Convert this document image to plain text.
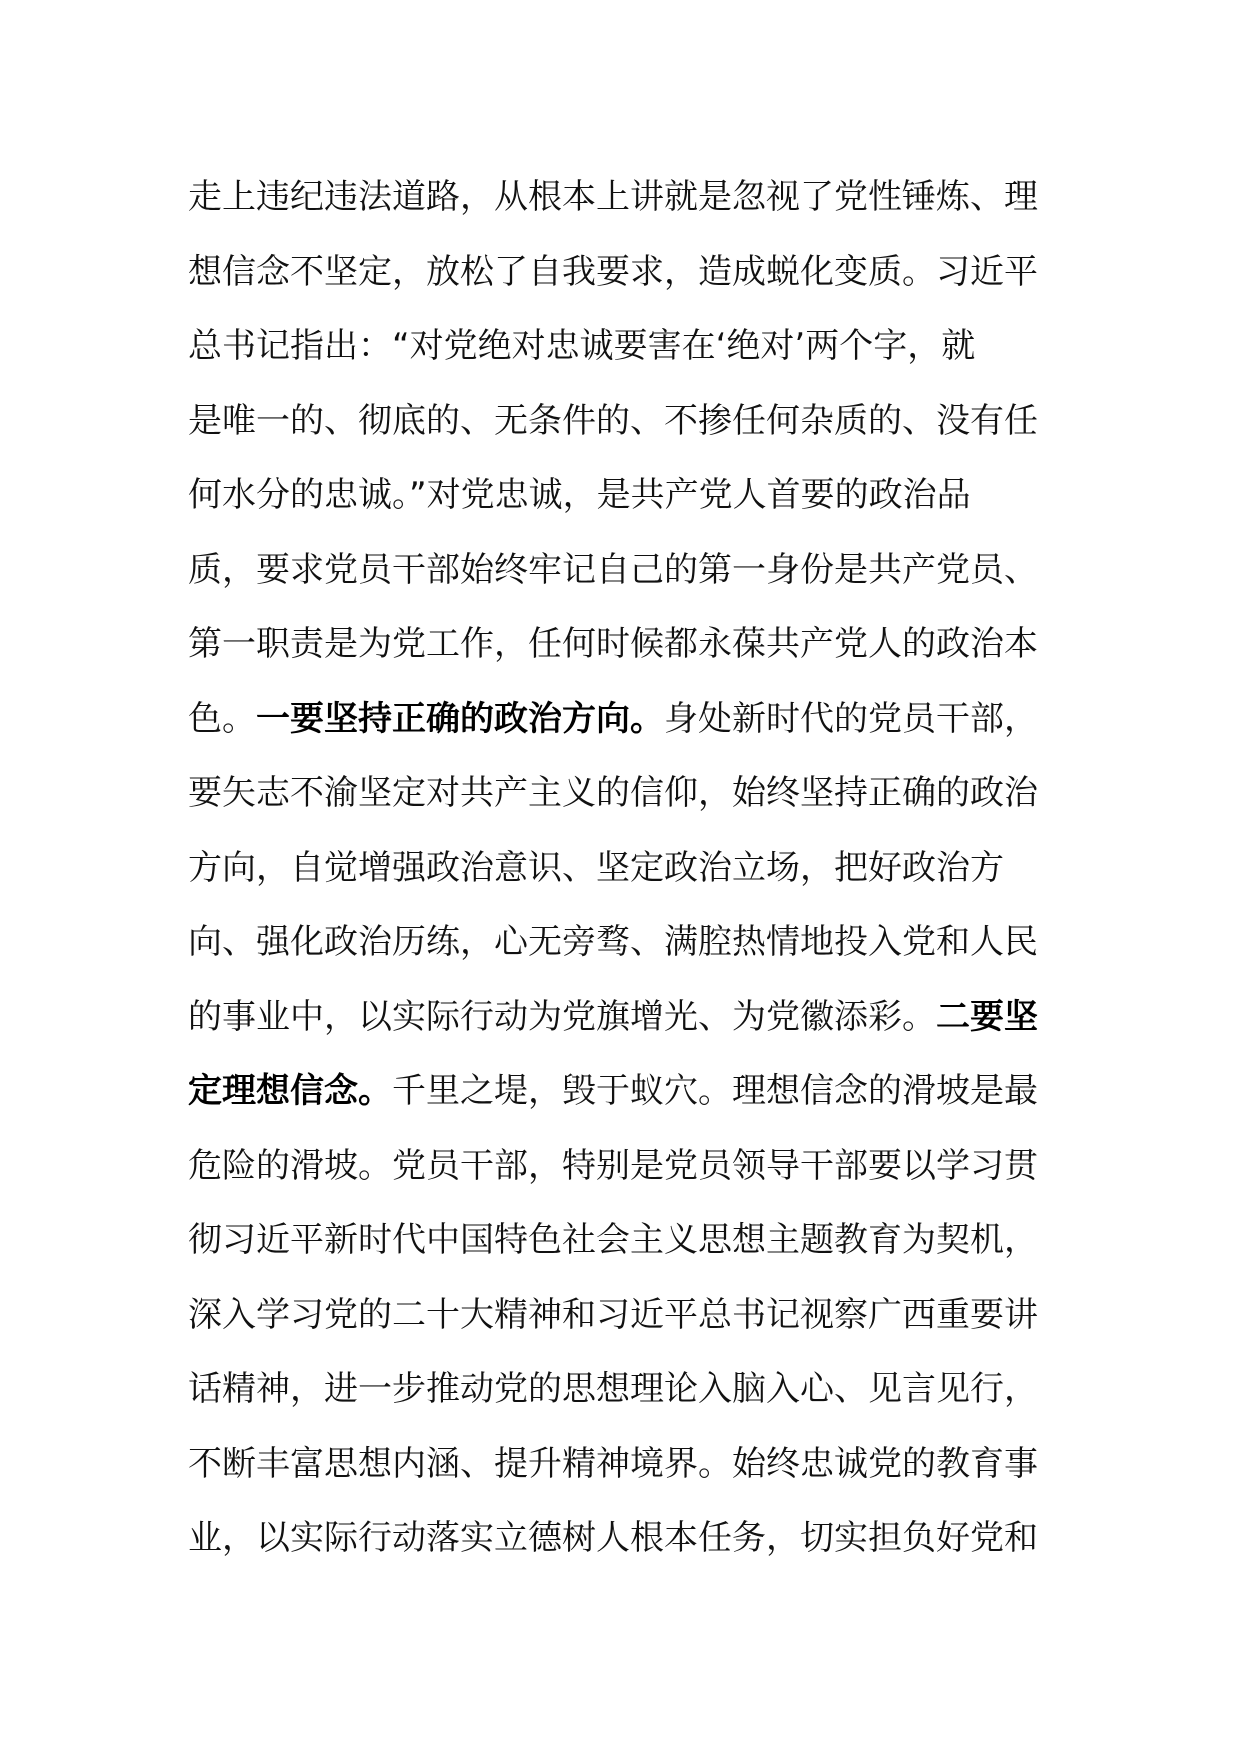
走上违纪违法道路，从根本上讲就是忽视了党性锤炼、理
想信念不坚定，放松了自我要求，造成蜕化变质。习近平
总书记指出：“对党绝对忠诚要害在‘绝对’两个字，就
是唯一的、彻底的、无条件的、不掺任何杂质的、没有任
何水分的忠诚。”对党忠诚，是共产党人首要的政治品
质，要求党员干部始终牢记自己的第一身份是共产党员、
第一职责是为党工作，任何时候都永葆共产党人的政治本
色。一要坚持正确的政治方向。身处新时代的党员干部，
要矢志不渝坚定对共产主义的信仰，始终坚持正确的政治
方向，自觉增强政治意识、坚定政治立场，把好政治方
向、强化政治历练，心无旁骛、满腔热情地投入党和人民
的事业中，以实际行动为党旗增光、为党徽添彩。二要坚
定理想信念。千里之堤，毁于蚁穴。理想信念的滑坡是最
危险的滑坡。党员干部，特别是党员领导干部要以学习贯
彻习近平新时代中国特色社会主义思想主题教育为契机，
深入学习党的二十大精神和习近平总书记视察广西重要讲
话精神，进一步推动党的思想理论入脑入心、见言见行，
不断丰富思想内涵、提升精神境界。始终忠诚党的教育事
业，以实际行动落实立德树人根本任务，切实担负好党和
